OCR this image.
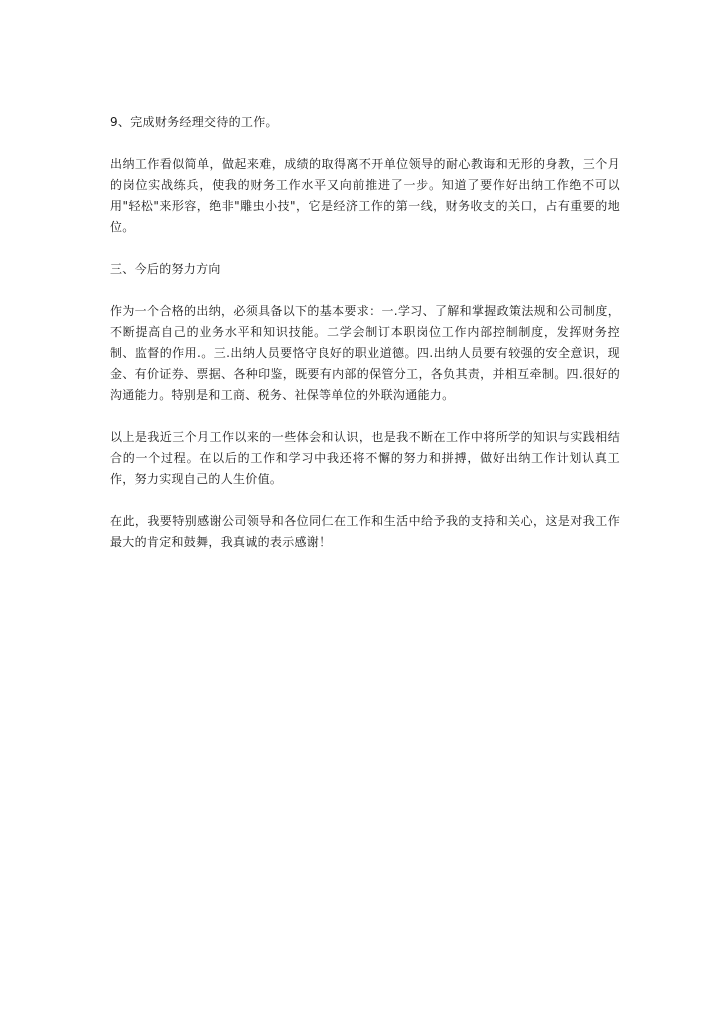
9、完成财务经理交待的工作。

出纳工作看似简单，做起来难，成绩的取得离不开单位领导的耐心教诲和无形的身教，三个月的岗位实战练兵，使我的财务工作水平又向前推进了一步。知道了要作好出纳工作绝不可以用"轻松"来形容，绝非"雕虫小技"，它是经济工作的第一线，财务收支的关口，占有重要的地位。

三、今后的努力方向

作为一个合格的出纳，必须具备以下的基本要求：一.学习、了解和掌握政策法规和公司制度，不断提高自己的业务水平和知识技能。二学会制订本职岗位工作内部控制制度，发挥财务控制、监督的作用.。三.出纳人员要恪守良好的职业道德。四.出纳人员要有较强的安全意识，现金、有价证券、票据、各种印鉴，既要有内部的保管分工，各负其责，并相互牵制。四.很好的沟通能力。特别是和工商、税务、社保等单位的外联沟通能力。

以上是我近三个月工作以来的一些体会和认识，也是我不断在工作中将所学的知识与实践相结合的一个过程。在以后的工作和学习中我还将不懈的努力和拼搏，做好出纳工作计划认真工作，努力实现自己的人生价值。

在此，我要特别感谢公司领导和各位同仁在工作和生活中给予我的支持和关心，这是对我工作最大的肯定和鼓舞，我真诚的表示感谢！
